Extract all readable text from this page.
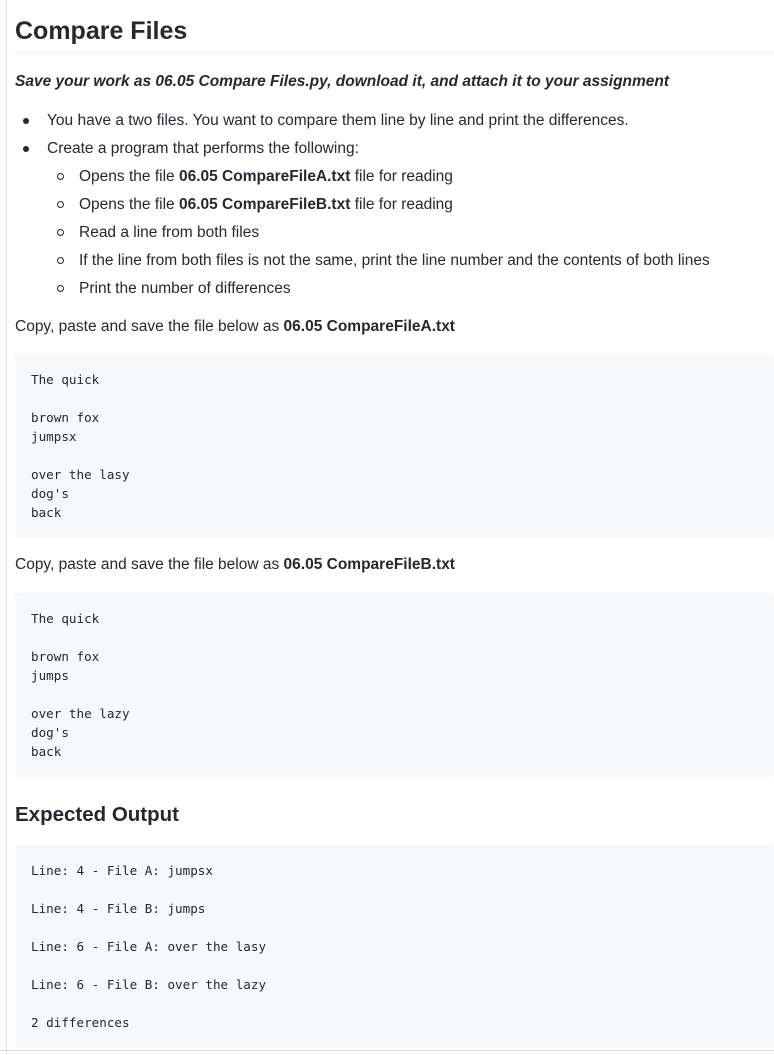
Compare Files

Save your work as 06.05 Compare Files.py, download it, and attach it to your assignment

You have a two files. You want to compare them line by line and print the differences.
Create a program that performs the following:
Opens the file 06.05 CompareFileA.txt file for reading
Opens the file 06.05 CompareFileB.txt file for reading
Read a line from both files
If the line from both files is not the same, print the line number and the contents of both lines
Print the number of differences

Copy, paste and save the file below as 06.05 CompareFileA.txt

The quick

brown fox
jumpsx

over the lasy
dog's
back

Copy, paste and save the file below as 06.05 CompareFileB.txt

The quick

brown fox
jumps

over the lazy
dog's
back
Expected Output
Line: 4 - File A: jumpsx

Line: 4 - File B: jumps

Line: 6 - File A: over the lasy

Line: 6 - File B: over the lazy

2 differences
